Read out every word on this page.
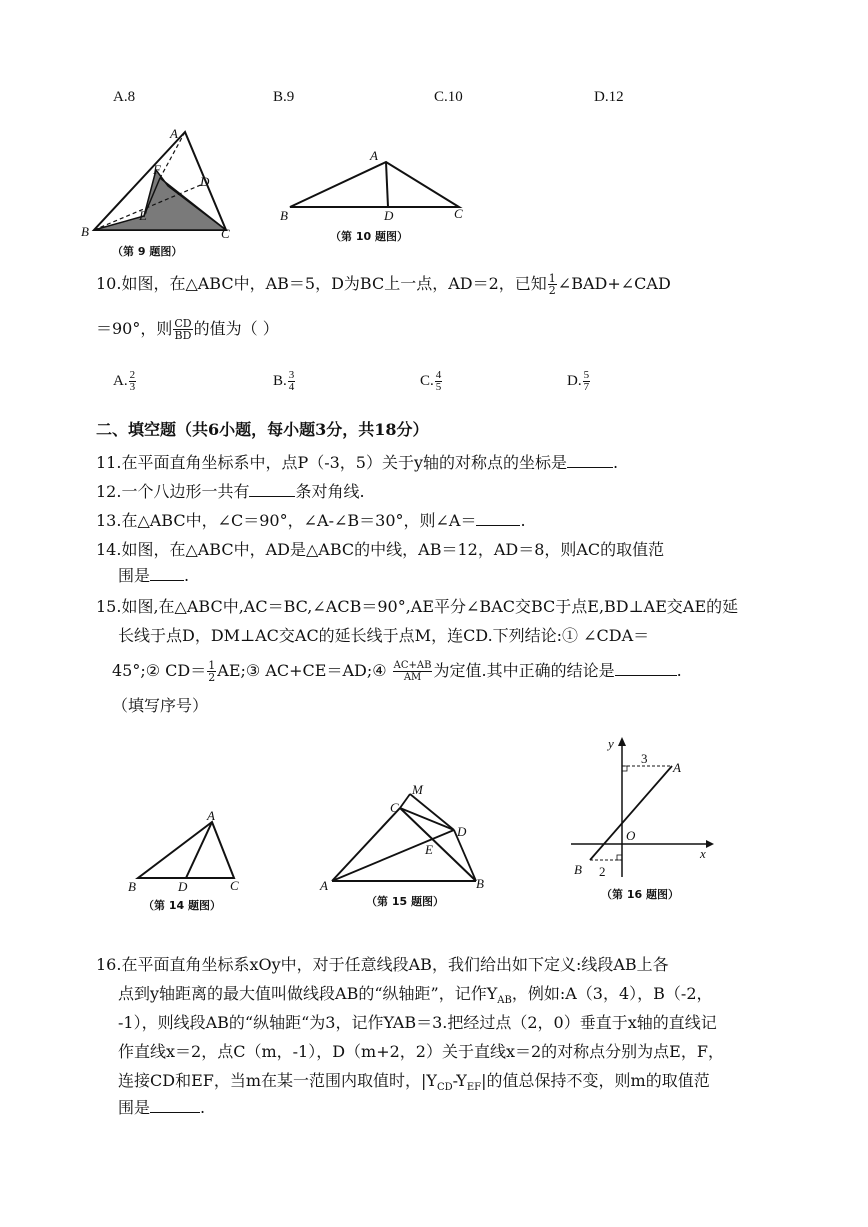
A.8	B.9	C.10	D.12
A
F
D
E
B	C
（第 9 题图）
A
B	D	C
（第 10 题图）
10.如图，在△ABC中，AB＝5，D为BC上一点，AD＝2，已知 $\frac{1}{2}$ ∠BAD+∠CAD
＝90°，则 $\frac{CD}{BD}$ 的值为（ ）
A. $\frac{2}{3}$	B. $\frac{3}{4}$	C. $\frac{4}{5}$	D. $\frac{5}{7}$
二、填空题（共6小题，每小题3分，共18分）
11.在平面直角坐标系中，点P（-3，5）关于y轴的对称点的坐标是	.
12.一个八边形一共有	条对角线.
13.在△ABC中，∠C＝90°，∠A-∠B＝30°，则∠A＝	.
14.如图，在△ABC中，AD是△ABC的中线，AB＝12，AD＝8，则AC的取值范
围是 .
15.如图,在△ABC中,AC＝BC,∠ACB＝90°,AE平分∠BAC交BC于点E,BD⊥AE交AE的延
长线于点D，DM⊥AC交AC的延长线于点M，连CD.下列结论:① ∠CDA＝
45°;② $CD= \frac{1}{2}$ AE;③ AC+CE＝AD;④ $\frac{AC+AB}{AM}$ 为定值.其中正确的结论是	.
（填写序号）
A
B	D	C
（第 14 题图）
M
C
D
E
A	B
（第 15 题图）
y
x
O
A
B
3
2
（第 16 题图）
16.在平面直角坐标系xOy中，对于任意线段AB，我们给出如下定义:线段AB上各
点到y轴距离的最大值叫做线段AB的“纵轴距”，记作$Y_{AB}$，例如:A（3，4），B（-2，
-1），则线段AB的“纵轴距“为3，记作YAB＝3.把经过点（2，0）垂直于x轴的直线记
作直线x＝2，点C（m，-1），D（m+2，2）关于直线x＝2的对称点分别为点E，F，
连接CD和EF，当m在某一范围内取值时，$|Y_{CD}-Y_{EF}|$的值总保持不变，则m的取值范
围是	.
